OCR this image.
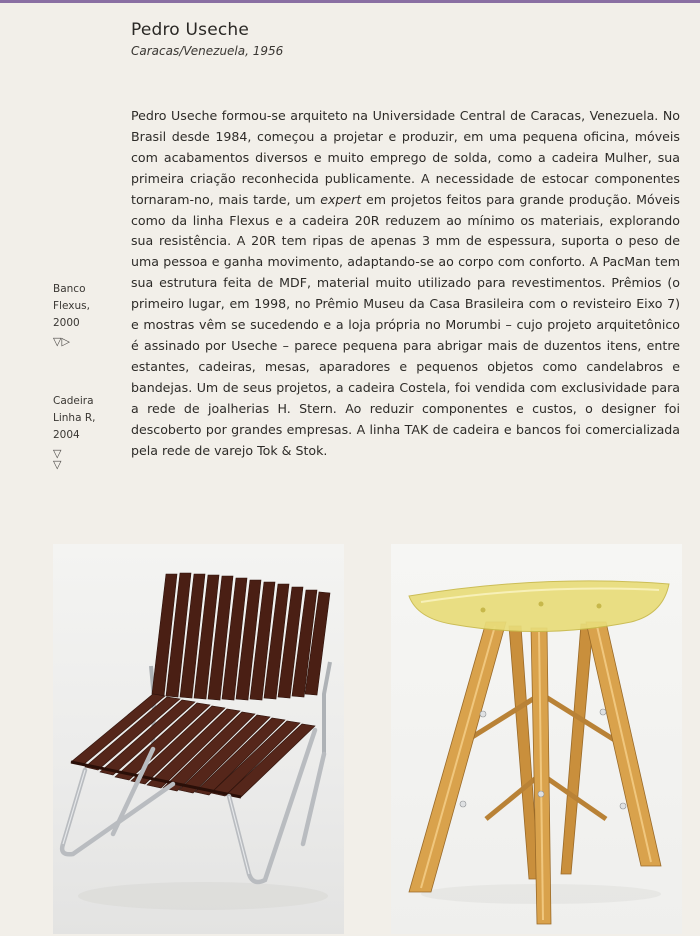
Pedro Useche
Caracas/Venezuela, 1956

Pedro Useche formou-se arquiteto na Universidade Central de Caracas, Venezuela. No Brasil desde 1984, começou a projetar e produzir, em uma pequena oficina, móveis com acabamentos diversos e muito emprego de solda, como a cadeira Mulher, sua primeira criação reconhecida publicamente. A necessidade de estocar componentes tornaram-no, mais tarde, um expert em projetos feitos para grande produção. Móveis como da linha Flexus e a cadeira 20R reduzem ao mínimo os materiais, explorando sua resistência. A 20R tem ripas de apenas 3 mm de espessura, suporta o peso de uma pessoa e ganha movimento, adaptando-se ao corpo com conforto. A PacMan tem sua estrutura feita de MDF, material muito utilizado para revestimentos. Prêmios (o primeiro lugar, em 1998, no Prêmio Museu da Casa Brasileira com o revisteiro Eixo 7) e mostras vêm se sucedendo e a loja própria no Morumbi – cujo projeto arquitetônico é assinado por Useche – parece pequena para abrigar mais de duzentos itens, entre estantes, cadeiras, mesas, aparadores e pequenos objetos como candelabros e bandejas. Um de seus projetos, a cadeira Costela, foi vendida com exclusividade para a rede de joalherias H. Stern. Ao reduzir componentes e custos, o designer foi descoberto por grandes empresas. A linha TAK de cadeira e bancos foi comercializada pela rede de varejo Tok & Stok.

Banco
Flexus,
2000
▽▷
Cadeira
Linha R,
2004
▽
▽
